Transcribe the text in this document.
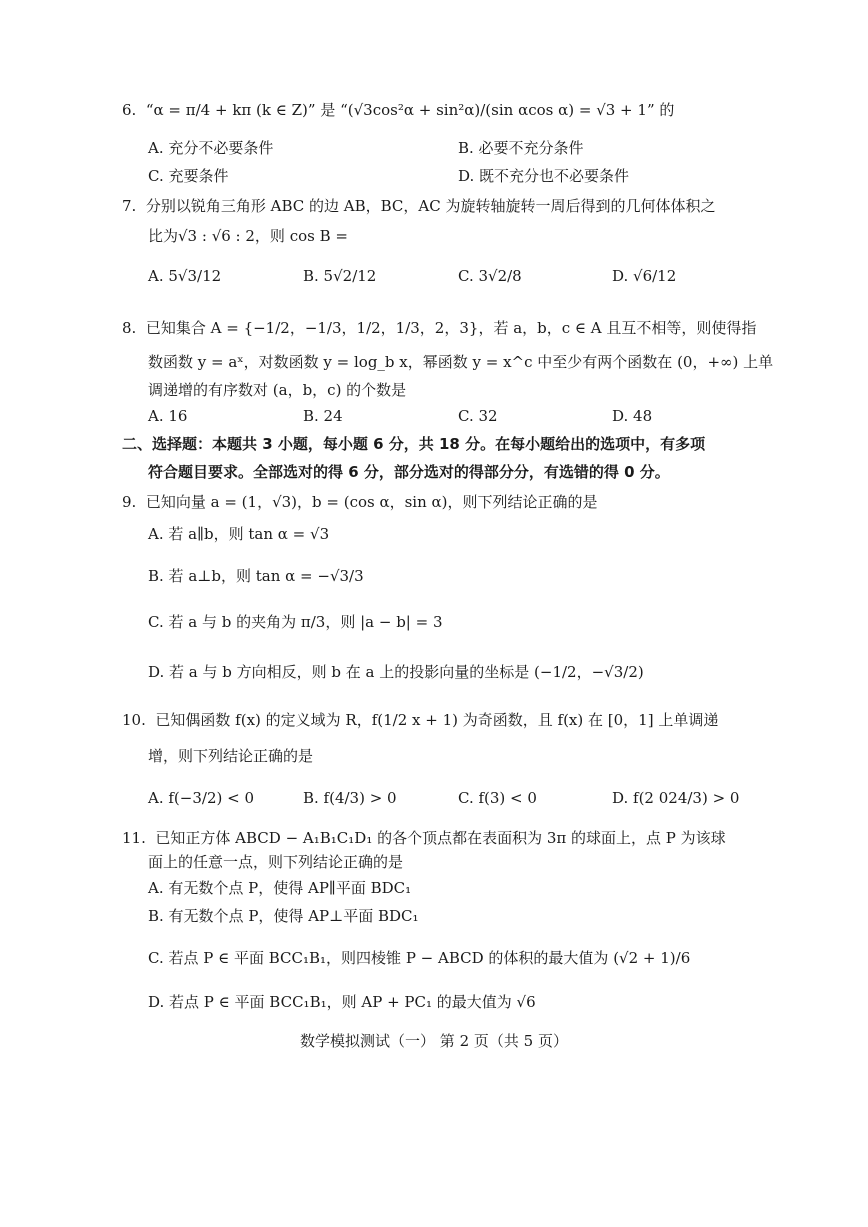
6. “α = π/4 + kπ (k ∈ Z)” 是 “(√3cos²α + sin²α)/(sin αcos α) = √3 + 1” 的
A. 充分不必要条件	B. 必要不充分条件
C. 充要条件	D. 既不充分也不必要条件
7. 分别以锐角三角形 ABC 的边 AB，BC，AC 为旋转轴旋转一周后得到的几何体体积之
比为√3 : √6 : 2，则 cos B =
A. 5√3/12	B. 5√2/12	C. 3√2/8	D. √6/12
8. 已知集合 A = {−1/2，−1/3，1/2，1/3，2，3}，若 a，b，c ∈ A 且互不相等，则使得指
数函数 y = aˣ，对数函数 y = log_b x，幂函数 y = x^c 中至少有两个函数在 (0，+∞) 上单
调递增的有序数对 (a，b，c) 的个数是
A. 16	B. 24	C. 32	D. 48
二、选择题：本题共 3 小题，每小题 6 分，共 18 分。在每小题给出的选项中，有多项
符合题目要求。全部选对的得 6 分，部分选对的得部分分，有选错的得 0 分。
9. 已知向量 a = (1，√3)，b = (cos α，sin α)，则下列结论正确的是
A. 若 a∥b，则 tan α = √3
B. 若 a⊥b，则 tan α = −√3/3
C. 若 a 与 b 的夹角为 π/3，则 |a − b| = 3
D. 若 a 与 b 方向相反，则 b 在 a 上的投影向量的坐标是 (−1/2，−√3/2)
10. 已知偶函数 f(x) 的定义域为 R，f(1/2 x + 1) 为奇函数，且 f(x) 在 [0，1] 上单调递
增，则下列结论正确的是
A. f(−3/2) < 0	B. f(4/3) > 0	C. f(3) < 0	D. f(2 024/3) > 0
11. 已知正方体 ABCD − A₁B₁C₁D₁ 的各个顶点都在表面积为 3π 的球面上，点 P 为该球
面上的任意一点，则下列结论正确的是
A. 有无数个点 P，使得 AP∥平面 BDC₁
B. 有无数个点 P，使得 AP⊥平面 BDC₁
C. 若点 P ∈ 平面 BCC₁B₁，则四棱锥 P − ABCD 的体积的最大值为 (√2 + 1)/6
D. 若点 P ∈ 平面 BCC₁B₁，则 AP + PC₁ 的最大值为 √6
数学模拟测试（一） 第 2 页（共 5 页）
